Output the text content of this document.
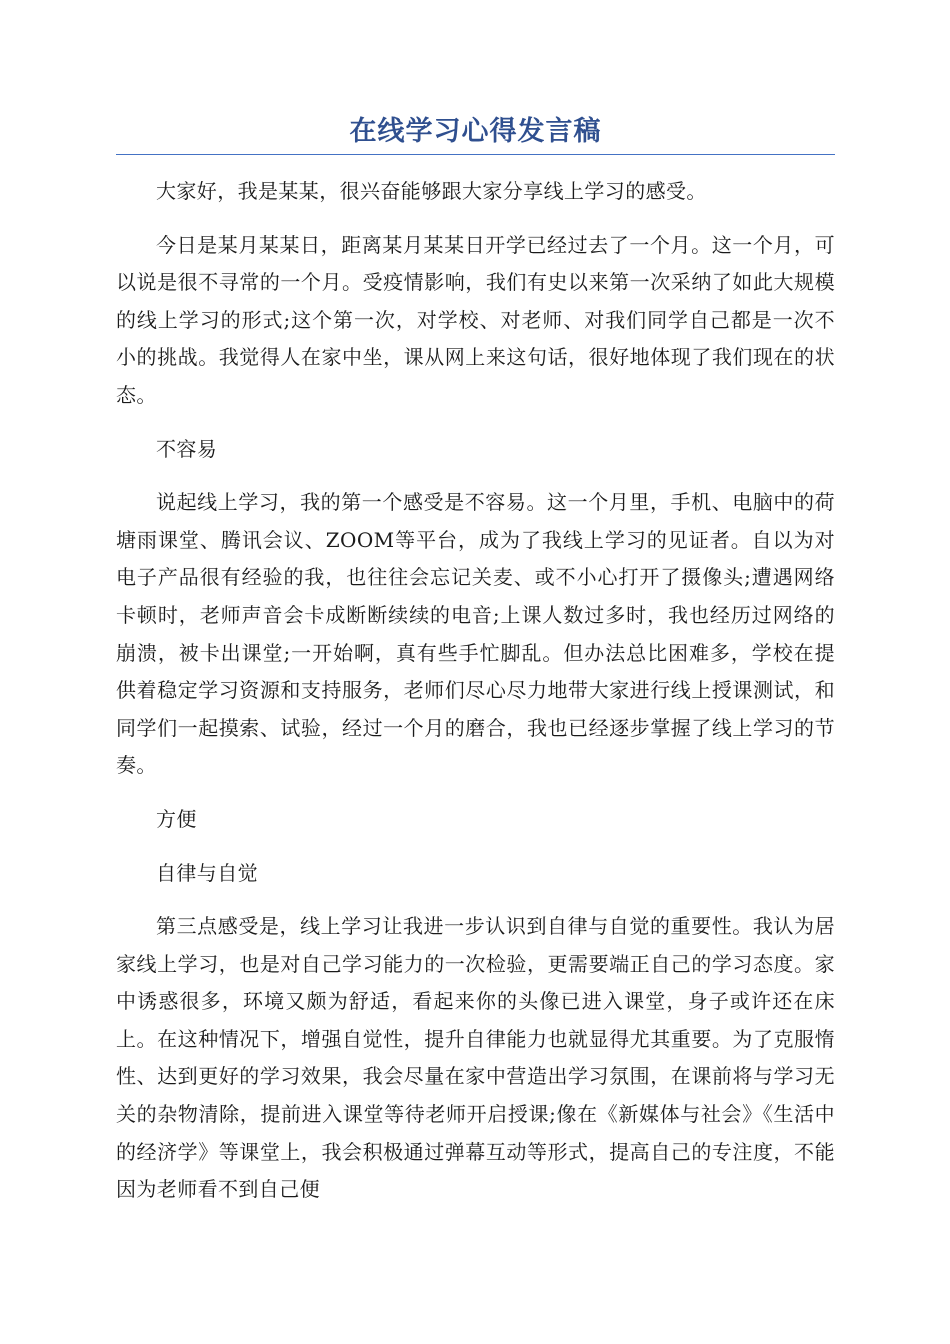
在线学习心得发言稿

大家好，我是某某，很兴奋能够跟大家分享线上学习的感受。

今日是某月某某日，距离某月某某日开学已经过去了一个月。这一个月，可以说是很不寻常的一个月。受疫情影响，我们有史以来第一次采纳了如此大规模的线上学习的形式;这个第一次，对学校、对老师、对我们同学自己都是一次不小的挑战。我觉得人在家中坐，课从网上来这句话，很好地体现了我们现在的状态。

不容易

说起线上学习，我的第一个感受是不容易。这一个月里，手机、电脑中的荷塘雨课堂、腾讯会议、ZOOM等平台，成为了我线上学习的见证者。自以为对电子产品很有经验的我，也往往会忘记关麦、或不小心打开了摄像头;遭遇网络卡顿时，老师声音会卡成断断续续的电音;上课人数过多时，我也经历过网络的崩溃，被卡出课堂;一开始啊，真有些手忙脚乱。但办法总比困难多，学校在提供着稳定学习资源和支持服务，老师们尽心尽力地带大家进行线上授课测试，和同学们一起摸索、试验，经过一个月的磨合，我也已经逐步掌握了线上学习的节奏。

方便

自律与自觉

第三点感受是，线上学习让我进一步认识到自律与自觉的重要性。我认为居家线上学习，也是对自己学习能力的一次检验，更需要端正自己的学习态度。家中诱惑很多，环境又颇为舒适，看起来你的头像已进入课堂，身子或许还在床上。在这种情况下，增强自觉性，提升自律能力也就显得尤其重要。为了克服惰性、达到更好的学习效果，我会尽量在家中营造出学习氛围，在课前将与学习无关的杂物清除，提前进入课堂等待老师开启授课;像在《新媒体与社会》《生活中的经济学》等课堂上，我会积极通过弹幕互动等形式，提高自己的专注度，不能因为老师看不到自己便
